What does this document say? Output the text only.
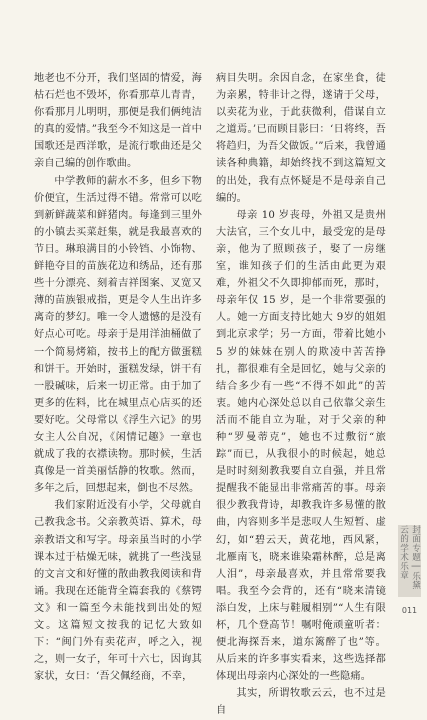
地老也不分开，我们坚固的情爱，海枯石烂也不毁坏，你看那草儿青青，你看那月儿明明，那便是我们俩纯洁的真的爱情。”我至今不知这是一首中国歌还是西洋歌，是流行歌曲还是父亲自己编的创作歌曲。

中学教师的薪水不多，但乡下物价便宜，生活过得不错。常常可以吃到新鲜蔬菜和鲜猪肉。每逢到三里外的小镇去买菜赶集，就是我最喜欢的节日。琳琅满目的小铃铛、小饰物、鲜艳夺目的苗族花边和绣品，还有那些十分漂亮、刻着吉祥图案、叉宽又薄的苗族银戒指，更是令人生出许多离奇的梦幻。唯一令人遗憾的是没有好点心可吃。母亲于是用洋油桶做了一个简易烤箱，按书上的配方做蛋糕和饼干。开始时，蛋糕发绿，饼干有一股碱味，后来一切正常。由于加了更多的佐料，比在城里点心店买的还要好吃。父母常以《浮生六记》的男女主人公自况，《闲情记趣》一章也就成了我的衣襟读物。那时候，生活真像是一首美丽恬静的牧歌。然而，多年之后，回想起来，倒也不尽然。

我们家附近没有小学，父母就自己教我念书。父亲教英语、算术，母亲教语文和写字。母亲虽当时的小学课本过于枯燥无味，就挑了一些浅显的文言文和好懂的散曲教我阅读和背诵。我现在还能背全篇套我的《蔡锷文》和一篇至今未能找到出处的短文。这篇短文按我的记忆大致如下：“闽门外有卖花声，呼之入，视之，则一女子，年可十六七，因询其家状，女曰：‘吾父佩经商，不幸，

病目失明。余因自念，在家坐食，徒为亲累，特非计之得，遂请于父母，以卖花为业，于此获微利，借谋自立之道焉。’已而顾目影曰：‘日将终，吾将趋归，为吾父做饭。’”后来，我曾通读各种典籍，却始终找不到这篇短文的出处，我有点怀疑是不是母亲自己编的。

母亲 10 岁丧母，外祖又是贵州大法官，三个女儿中，最受宠的是母亲，他为了照顾孩子，娶了一房继室，谁知孩子们的生活由此更为艰难，外祖父不久即抑郁而死，那时，母亲年仅 15 岁，是一个非常要强的人。她一方面支持比她大 9岁的姐姐到北京求学；另一方面，带着比她小 5 岁的妹妹在别人的欺凌中苦苦挣扎，都很难有全是回忆，她与父亲的结合多少有一些“不得不如此”的苦衷。她内心深处总以自己依靠父亲生活而不能自立为耻，对于父亲的种种“罗曼蒂克”，她也不过敷衍“旅踪”而已，从我很小的时候起，她总是时时刻刻教我要自立自强，并且常提醒我不能显出非常痛苦的事。母亲很少教我背诗，却教我许多易懂的散曲，内容则多半是悲叹人生短暂、虚幻，如“碧云天，黄花地，西风紧，北雁南飞，晓来谁染霜林醉，总是离人泪”，母亲最喜欢，并且常常要我唱。我至今会背的，还有“晓来清镜添白发，上床与鞋履相别”“人生有限杯，几个登高节！嘱咐俺顽童听者：便北海探吾来，道东篱醉了也”等。从后来的许多事实看来，这些选择都体现出母亲内心深处的一些隐痛。

其实，所谓牧歌云云，也不过是自

封面专题 | 乐黛云的学术乐章
011
